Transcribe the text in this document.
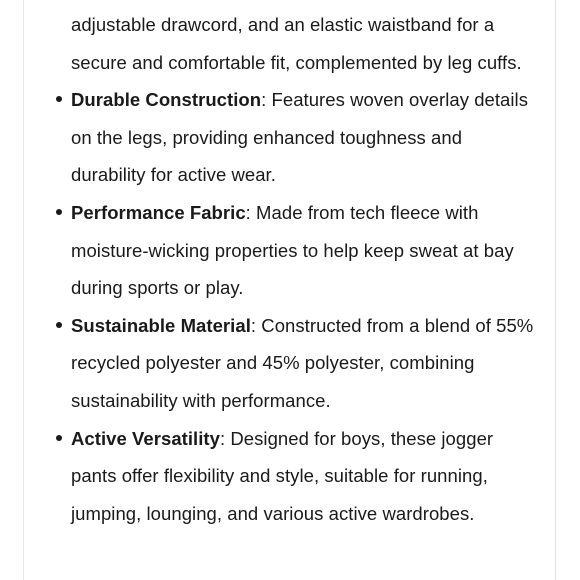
adjustable drawcord, and an elastic waistband for a secure and comfortable fit, complemented by leg cuffs.

Durable Construction: Features woven overlay details on the legs, providing enhanced toughness and durability for active wear.
Performance Fabric: Made from tech fleece with moisture-wicking properties to help keep sweat at bay during sports or play.
Sustainable Material: Constructed from a blend of 55% recycled polyester and 45% polyester, combining sustainability with performance.
Active Versatility: Designed for boys, these jogger pants offer flexibility and style, suitable for running, jumping, lounging, and various active wardrobes.
